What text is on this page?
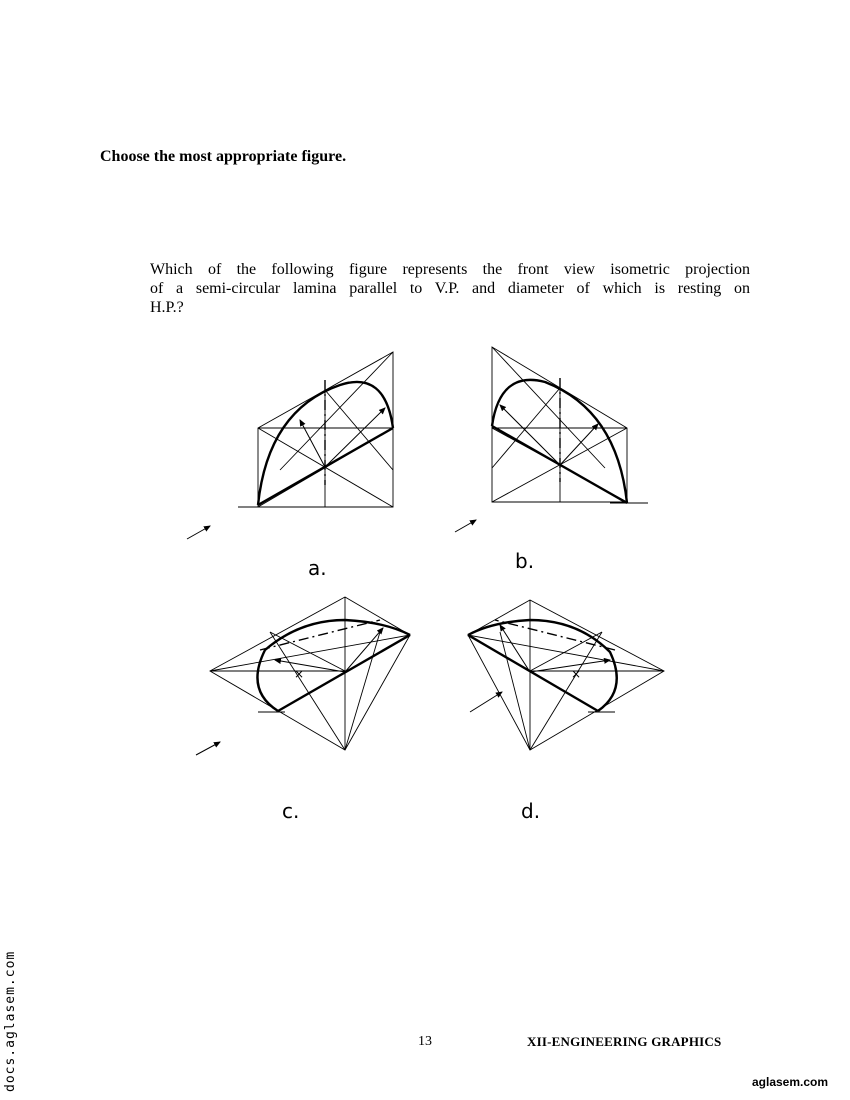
Choose the most appropriate figure.

Which of the following figure represents the front view isometric projection
of a semi-circular lamina parallel to V.P. and diameter of which is resting on
H.P.?

×	×
a.	b.
c.	d.
13	XII-ENGINEERING GRAPHICS
docs.aglasem.com	aglasem.com
